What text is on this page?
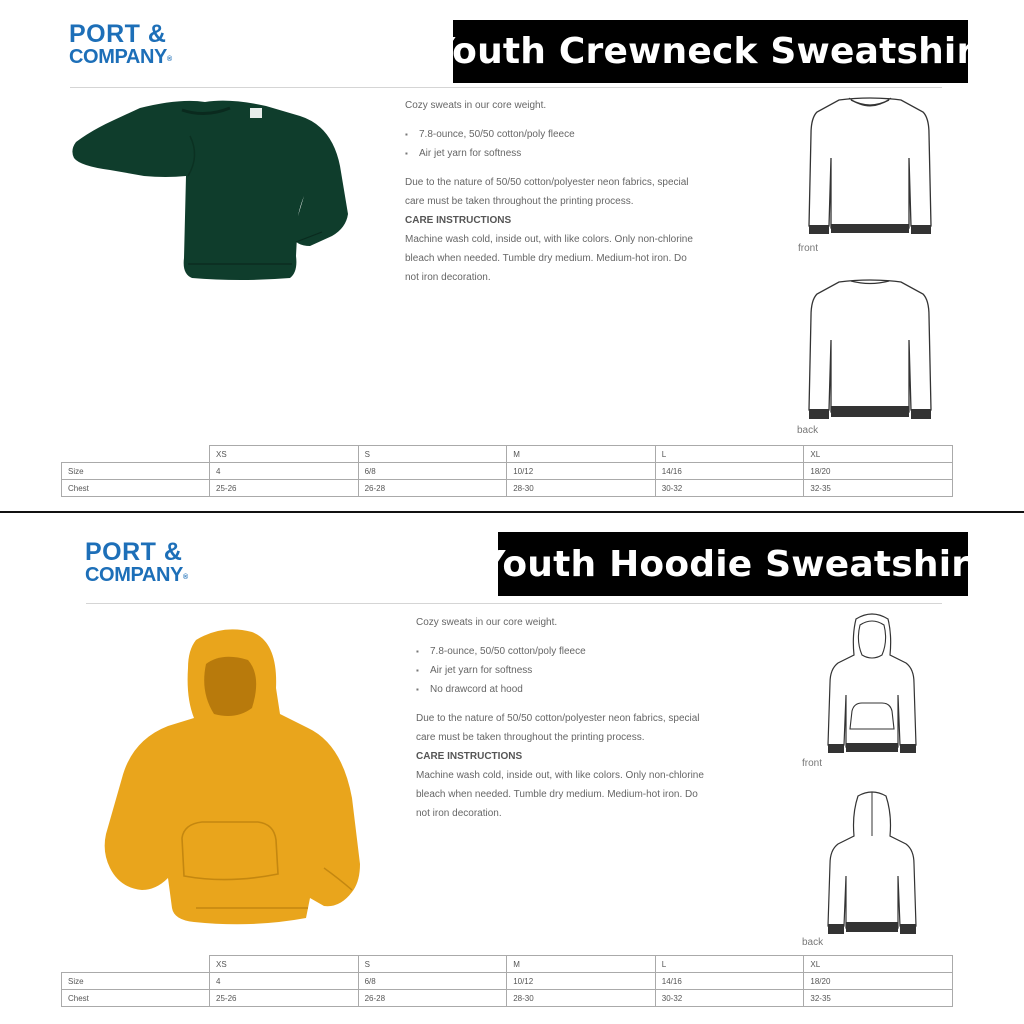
PORT &
COMPANY®	Youth Crewneck Sweatshirt
Cozy sweats in our core weight.
▪ 7.8-ounce, 50/50 cotton/poly fleece
▪ Air jet yarn for softness
Due to the nature of 50/50 cotton/polyester neon fabrics, special care must be taken throughout the printing process.
CARE INSTRUCTIONS
Machine wash cold, inside out, with like colors. Only non-chlorine bleach when needed. Tumble dry medium. Medium-hot iron. Do not iron decoration.
front
back
	XS	S	M	L	XL
Size	4	6/8	10/12	14/16	18/20
Chest	25-26	26-28	28-30	30-32	32-35
PORT &
COMPANY®	Youth Hoodie Sweatshirt
Cozy sweats in our core weight.
▪ 7.8-ounce, 50/50 cotton/poly fleece
▪ Air jet yarn for softness
▪ No drawcord at hood
Due to the nature of 50/50 cotton/polyester neon fabrics, special care must be taken throughout the printing process.
CARE INSTRUCTIONS
Machine wash cold, inside out, with like colors. Only non-chlorine bleach when needed. Tumble dry medium. Medium-hot iron. Do not iron decoration.
front
back
	XS	S	M	L	XL
Size	4	6/8	10/12	14/16	18/20
Chest	25-26	26-28	28-30	30-32	32-35
